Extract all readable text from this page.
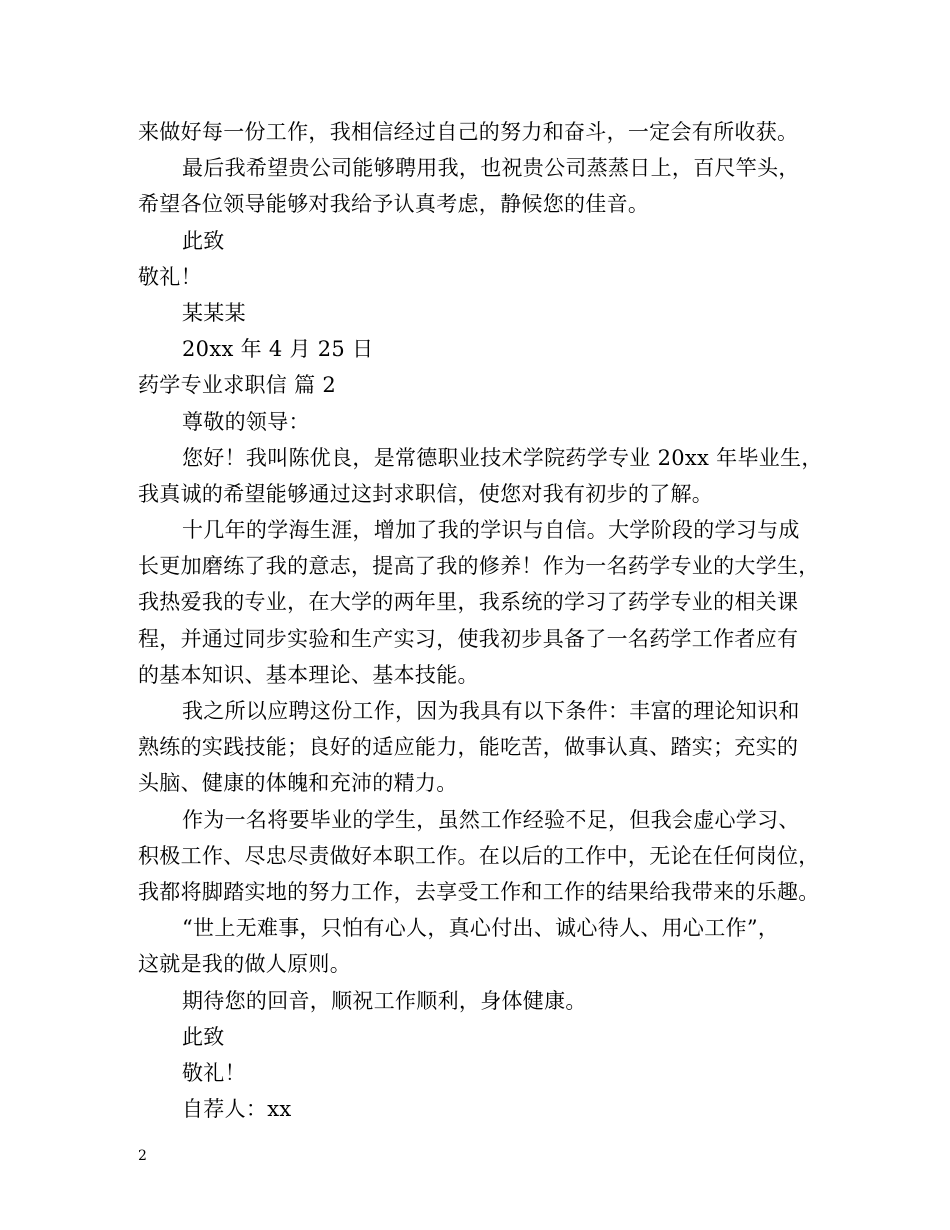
来做好每一份工作，我相信经过自己的努力和奋斗，一定会有所收获。
最后我希望贵公司能够聘用我，也祝贵公司蒸蒸日上，百尺竿头，
希望各位领导能够对我给予认真考虑，静候您的佳音。
此致
敬礼！
某某某
20xx 年 4 月 25 日
药学专业求职信 篇 2
尊敬的领导：
您好！我叫陈优良，是常德职业技术学院药学专业 20xx 年毕业生，
我真诚的希望能够通过这封求职信，使您对我有初步的了解。
十几年的学海生涯，增加了我的学识与自信。大学阶段的学习与成
长更加磨练了我的意志，提高了我的修养！作为一名药学专业的大学生，
我热爱我的专业，在大学的两年里，我系统的学习了药学专业的相关课
程，并通过同步实验和生产实习，使我初步具备了一名药学工作者应有
的基本知识、基本理论、基本技能。
我之所以应聘这份工作，因为我具有以下条件：丰富的理论知识和
熟练的实践技能；良好的适应能力，能吃苦，做事认真、踏实；充实的
头脑、健康的体魄和充沛的精力。
作为一名将要毕业的学生，虽然工作经验不足，但我会虚心学习、
积极工作、尽忠尽责做好本职工作。在以后的工作中，无论在任何岗位，
我都将脚踏实地的努力工作，去享受工作和工作的结果给我带来的乐趣。
“世上无难事，只怕有心人，真心付出、诚心待人、用心工作”，
这就是我的做人原则。
期待您的回音，顺祝工作顺利，身体健康。
此致
敬礼！
自荐人：xx
2
